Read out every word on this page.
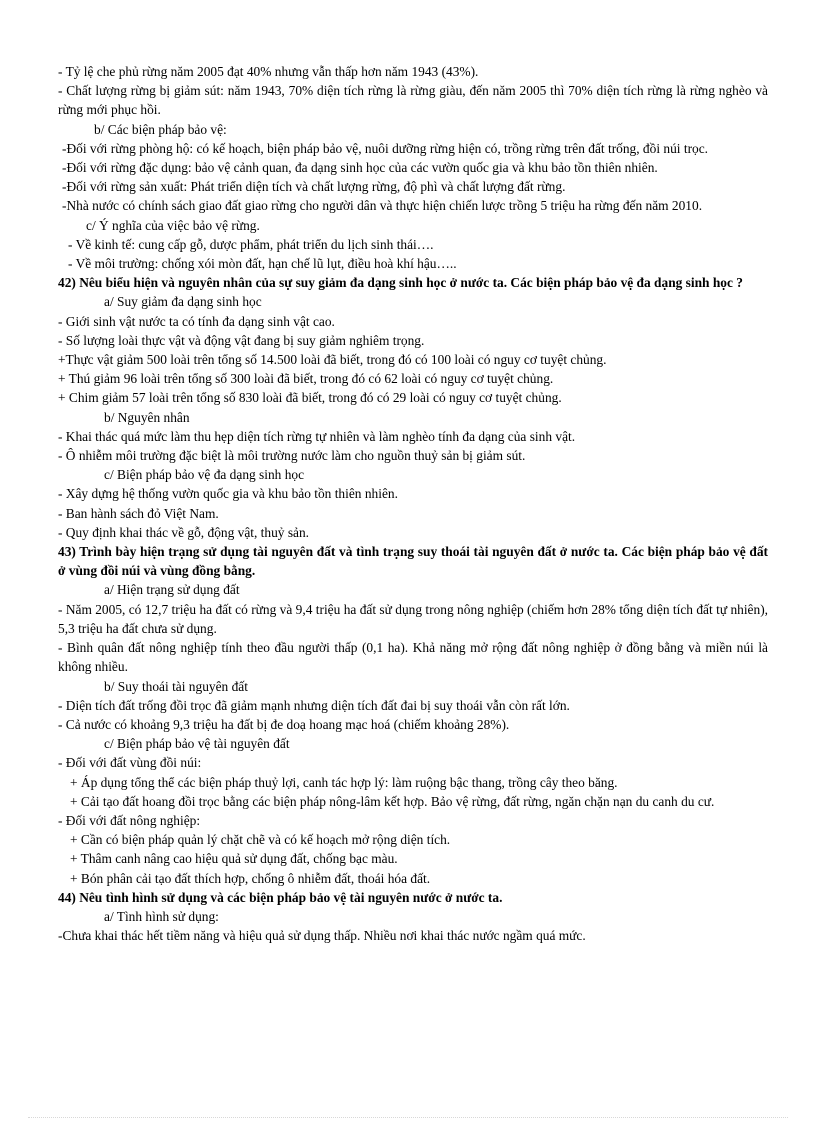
- Tỷ lệ che phủ rừng năm 2005 đạt 40% nhưng vẫn thấp hơn năm 1943 (43%).
- Chất lượng rừng bị giảm sút: năm 1943, 70% diện tích rừng là rừng giàu, đến năm 2005 thì 70% diện tích rừng là rừng nghèo và rừng mới phục hồi.
b/ Các biện pháp bảo vệ:
-Đối với rừng phòng hộ: có kế hoạch, biện pháp bảo vệ, nuôi dưỡng rừng hiện có, trồng rừng trên đất trống, đồi núi trọc.
-Đối với rừng đặc dụng: bảo vệ cảnh quan, đa dạng sinh học của các vườn quốc gia và khu bảo tồn thiên nhiên.
-Đối với rừng sản xuất: Phát triển diện tích và chất lượng rừng, độ phì và chất lượng đất rừng.
-Nhà nước có chính sách giao đất giao rừng cho người dân và thực hiện chiến lược trồng 5 triệu ha rừng đến năm 2010.
c/ Ý nghĩa của việc bảo vệ rừng.
- Về kinh tế: cung cấp gỗ, dược phẩm, phát triển du lịch sinh thái….
- Về môi trường: chống xói mòn đất, hạn chế lũ lụt, điều hoà khí hậu…..
42) Nêu biểu hiện và nguyên nhân của sự suy giảm đa dạng sinh học ở nước ta. Các biện pháp bảo vệ đa dạng sinh học ?
a/ Suy giảm đa dạng sinh học
- Giới sinh vật nước ta có tính đa dạng sinh vật cao.
- Số lượng loài thực vật và động vật đang bị suy giảm nghiêm trọng.
+Thực vật giảm 500 loài trên tổng số 14.500 loài đã biết, trong đó có 100 loài có nguy cơ tuyệt chủng.
+ Thú giảm 96 loài trên tổng số 300 loài đã biết, trong đó có 62 loài có nguy cơ tuyệt chủng.
+ Chim giảm 57 loài trên tổng số 830 loài đã biết, trong đó có 29 loài có nguy cơ tuyệt chủng.
b/ Nguyên nhân
- Khai thác quá mức làm thu hẹp diện tích rừng tự nhiên và làm nghèo tính đa dạng của sinh vật.
- Ô nhiễm môi trường đặc biệt là môi trường nước làm cho nguồn thuỷ sản bị giảm sút.
c/ Biện pháp bảo vệ đa dạng sinh học
- Xây dựng hệ thống vườn quốc gia và khu bảo tồn thiên nhiên.
- Ban hành sách đỏ Việt Nam.
- Quy định khai thác về gỗ, động vật, thuỷ sản.
43) Trình bày hiện trạng sử dụng tài nguyên đất và tình trạng suy thoái tài nguyên đất ở nước ta. Các biện pháp bảo vệ đất ở vùng đồi núi và vùng đồng bằng.
a/ Hiện trạng sử dụng đất
- Năm 2005, có 12,7 triệu ha đất có rừng và 9,4 triệu ha đất sử dụng trong nông nghiệp (chiếm hơn 28% tổng diện tích đất tự nhiên), 5,3 triệu ha đất chưa sử dụng.
- Bình quân đất nông nghiệp tính theo đầu người thấp (0,1 ha). Khả năng mở rộng đất nông nghiệp ở đồng bằng và miền núi là không nhiều.
b/ Suy thoái tài nguyên đất
- Diện tích đất trống đồi trọc đã giảm mạnh nhưng diện tích đất đai bị suy thoái vẫn còn rất lớn.
- Cả nước có khoảng 9,3 triệu ha đất bị đe doạ hoang mạc hoá (chiếm khoảng 28%).
c/ Biện pháp bảo vệ tài nguyên đất
- Đối với đất vùng đồi núi:
+ Áp dụng tổng thể các biện pháp thuỷ lợi, canh tác hợp lý: làm ruộng bậc thang, trồng cây theo băng.
+ Cải tạo đất hoang đồi trọc bằng các biện pháp nông-lâm kết hợp. Bảo vệ rừng, đất rừng, ngăn chặn nạn du canh du cư.
- Đối với đất nông nghiệp:
+ Cần có biện pháp quản lý chặt chẽ và có kế hoạch mở rộng diện tích.
+ Thâm canh nâng cao hiệu quả sử dụng đất, chống bạc màu.
+ Bón phân cải tạo đất thích hợp, chống ô nhiễm đất, thoái hóa đất.
44) Nêu tình hình sử dụng và các biện pháp bảo vệ tài nguyên nước ở nước ta.
a/ Tình hình sử dụng:
-Chưa khai thác hết tiềm năng và hiệu quả sử dụng thấp. Nhiều nơi khai thác nước ngầm quá mức.
